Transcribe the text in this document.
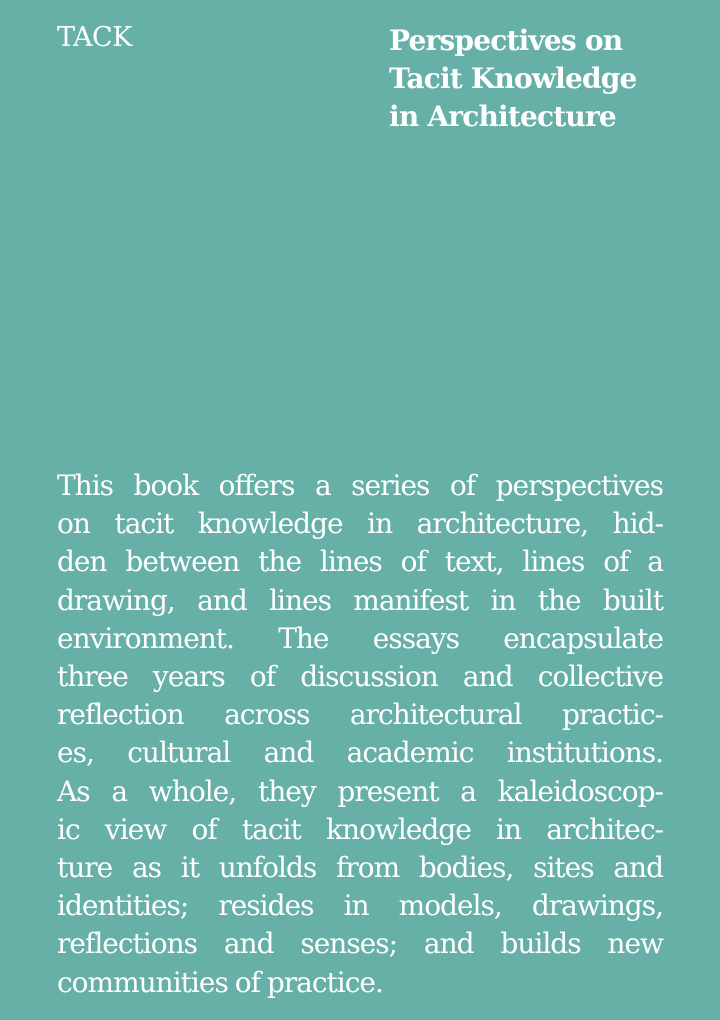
TACK	Perspectives on
Tacit Knowledge
in Architecture
This book offers a series of perspectives
on tacit knowledge in architecture, hid-
den between the lines of text, lines of a
drawing, and lines manifest in the built
environment. The essays encapsulate
three years of discussion and collective
reflection across architectural practic-
es, cultural and academic institutions.
As a whole, they present a kaleidoscop-
ic view of tacit knowledge in architec-
ture as it unfolds from bodies, sites and
identities; resides in models, drawings,
reflections and senses; and builds new
communities of practice.
